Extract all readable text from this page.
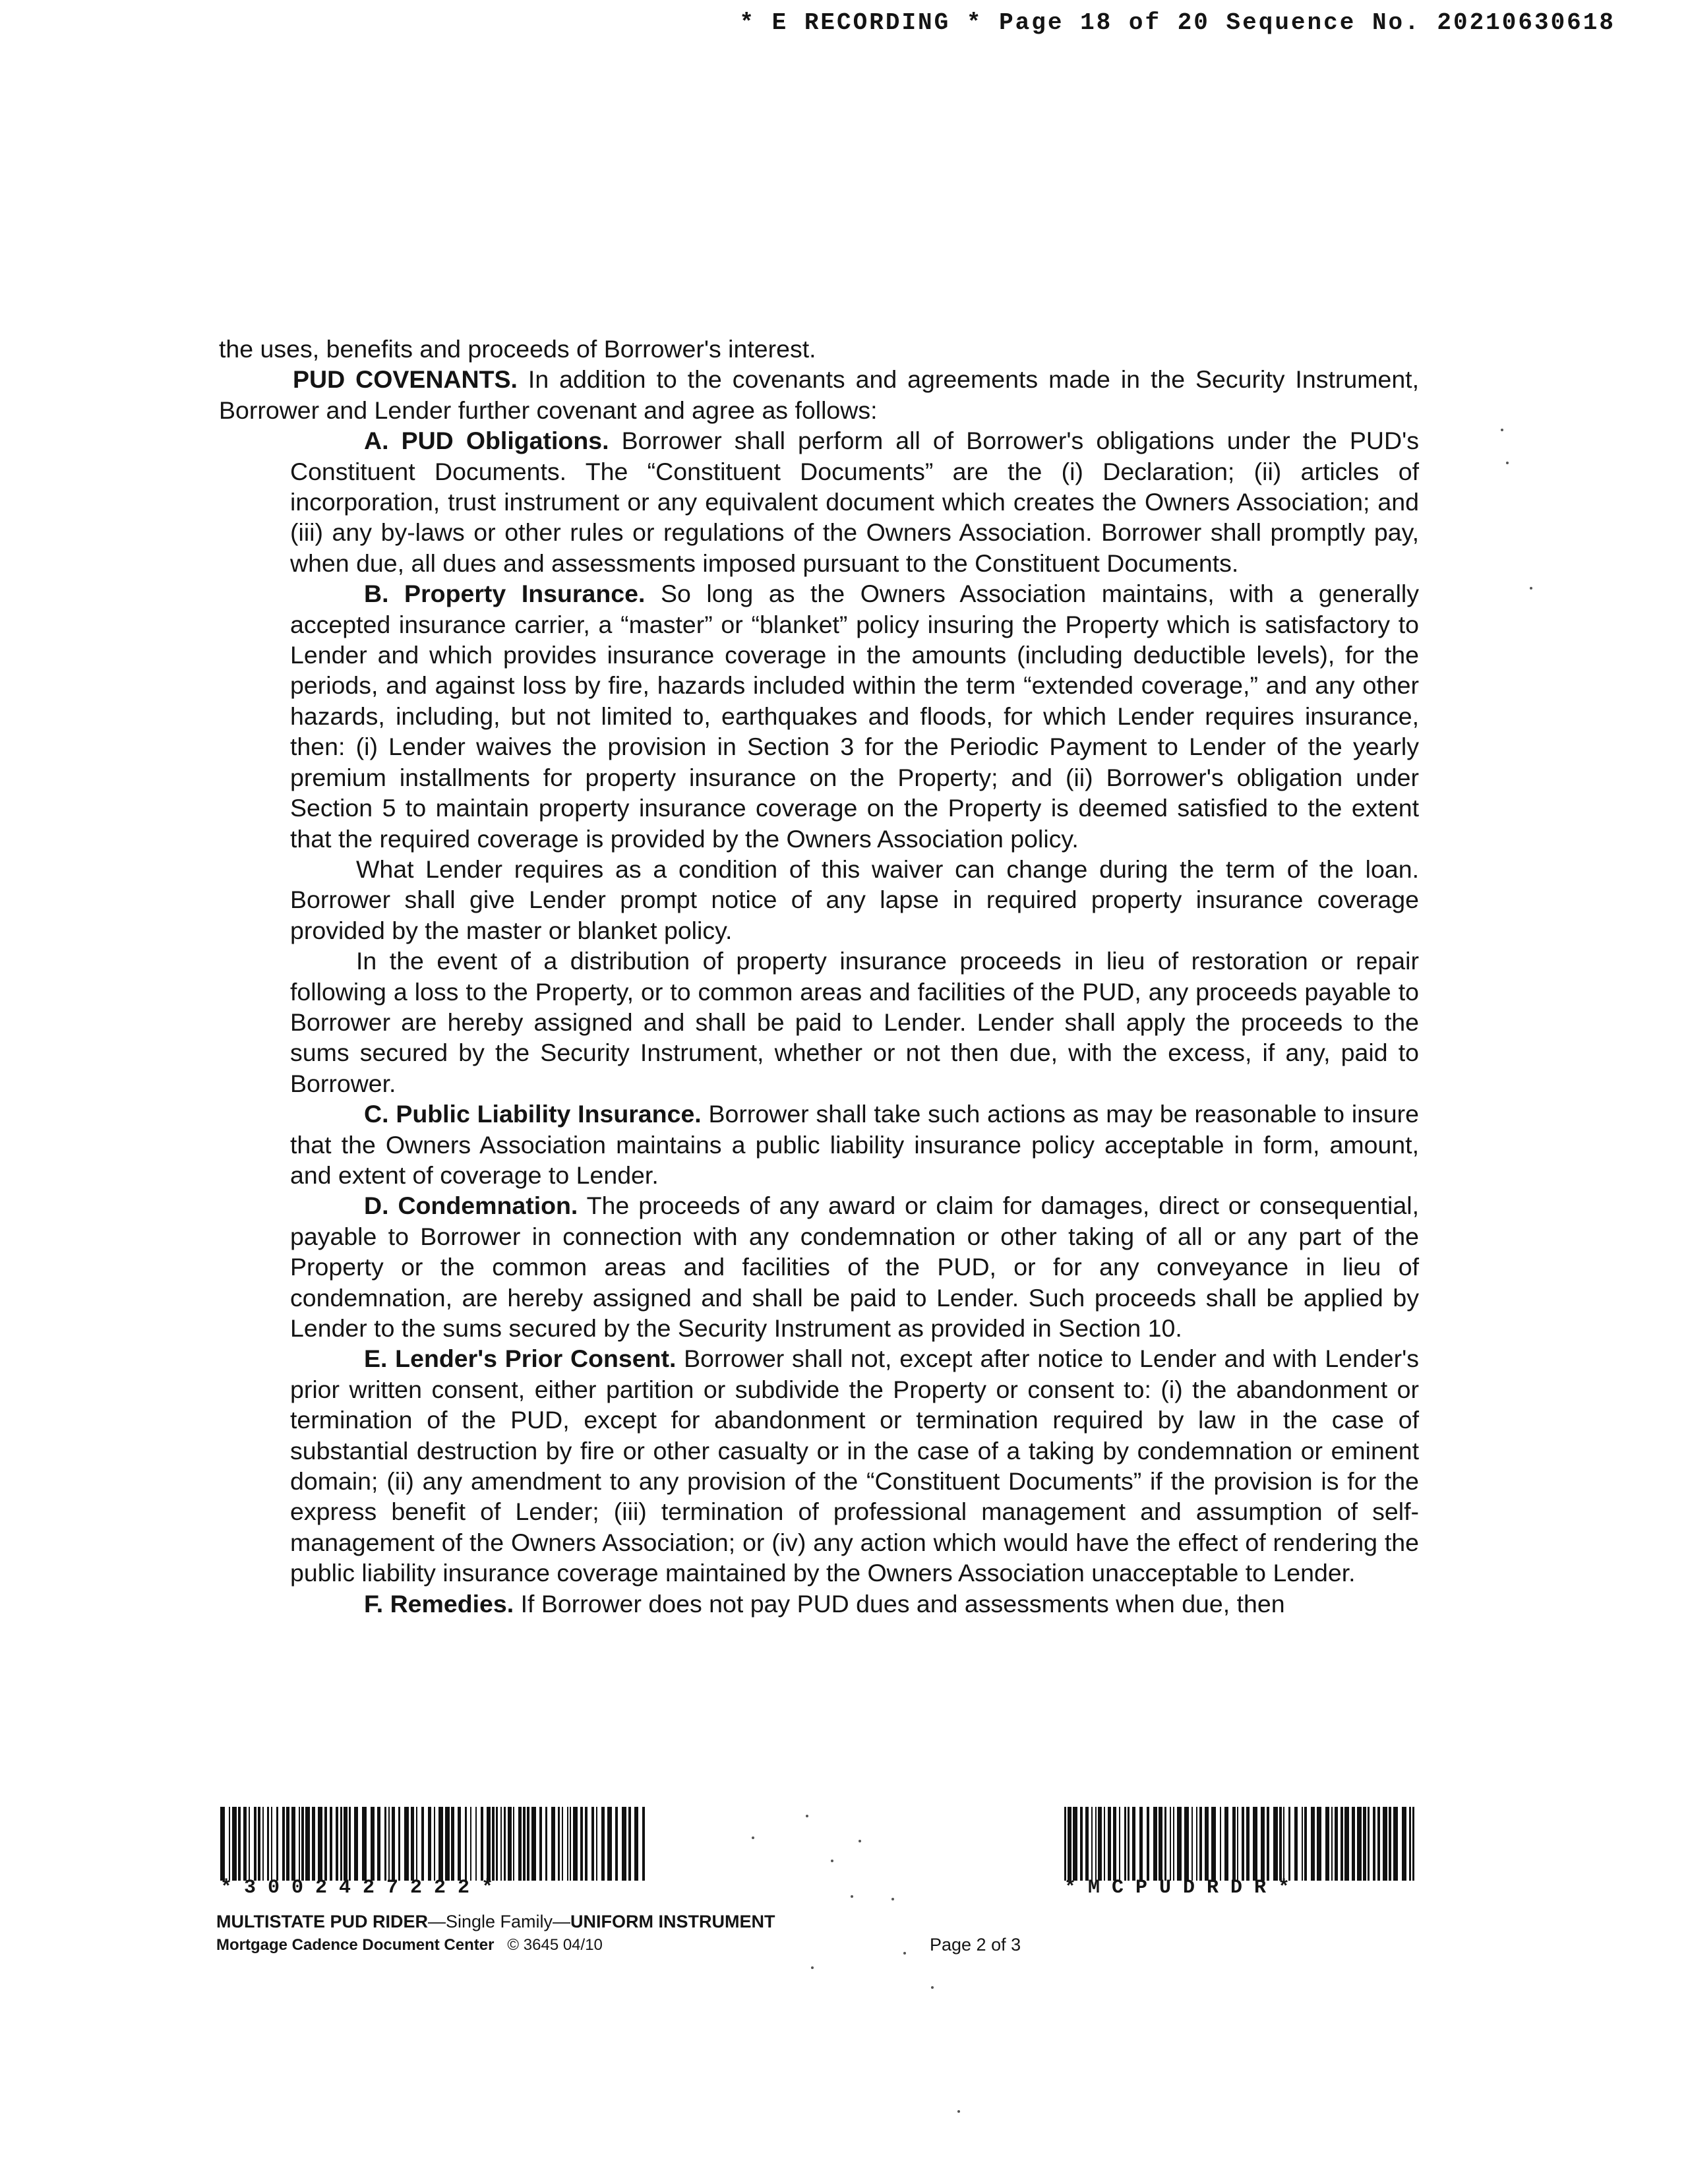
* E RECORDING * Page 18 of 20 Sequence No. 20210630618

the uses, benefits and proceeds of Borrower's interest.

PUD COVENANTS. In addition to the covenants and agreements made in the Security Instrument, Borrower and Lender further covenant and agree as follows:

A. PUD Obligations. Borrower shall perform all of Borrower's obligations under the PUD's Constituent Documents. The “Constituent Documents” are the (i) Declaration; (ii) articles of incorporation, trust instrument or any equivalent document which creates the Owners Association; and (iii) any by-laws or other rules or regulations of the Owners Association. Borrower shall promptly pay, when due, all dues and assessments imposed pursuant to the Constituent Documents.

B. Property Insurance. So long as the Owners Association maintains, with a generally accepted insurance carrier, a “master” or “blanket” policy insuring the Property which is satisfactory to Lender and which provides insurance coverage in the amounts (including deductible levels), for the periods, and against loss by fire, hazards included within the term “extended coverage,” and any other hazards, including, but not limited to, earthquakes and floods, for which Lender requires insurance, then: (i) Lender waives the provision in Section 3 for the Periodic Payment to Lender of the yearly premium installments for property insurance on the Property; and (ii) Borrower's obligation under Section 5 to maintain property insurance coverage on the Property is deemed satisfied to the extent that the required coverage is provided by the Owners Association policy.

What Lender requires as a condition of this waiver can change during the term of the loan. Borrower shall give Lender prompt notice of any lapse in required property insurance coverage provided by the master or blanket policy.

In the event of a distribution of property insurance proceeds in lieu of restoration or repair following a loss to the Property, or to common areas and facilities of the PUD, any proceeds payable to Borrower are hereby assigned and shall be paid to Lender. Lender shall apply the proceeds to the sums secured by the Security Instrument, whether or not then due, with the excess, if any, paid to Borrower.

C. Public Liability Insurance. Borrower shall take such actions as may be reasonable to insure that the Owners Association maintains a public liability insurance policy acceptable in form, amount, and extent of coverage to Lender.

D. Condemnation. The proceeds of any award or claim for damages, direct or consequential, payable to Borrower in connection with any condemnation or other taking of all or any part of the Property or the common areas and facilities of the PUD, or for any conveyance in lieu of condemnation, are hereby assigned and shall be paid to Lender. Such proceeds shall be applied by Lender to the sums secured by the Security Instrument as provided in Section 10.

E. Lender's Prior Consent. Borrower shall not, except after notice to Lender and with Lender's prior written consent, either partition or subdivide the Property or consent to: (i) the abandonment or termination of the PUD, except for abandonment or termination required by law in the case of substantial destruction by fire or other casualty or in the case of a taking by condemnation or eminent domain; (ii) any amendment to any provision of the “Constituent Documents” if the provision is for the express benefit of Lender; (iii) termination of professional management and assumption of self-management of the Owners Association; or (iv) any action which would have the effect of rendering the public liability insurance coverage maintained by the Owners Association unacceptable to Lender.

F. Remedies. If Borrower does not pay PUD dues and assessments when due, then

* 3 0 0 2 4 2 7 2 2 2 *	* M C P U D R D R *
MULTISTATE PUD RIDER—Single Family—UNIFORM INSTRUMENT
Mortgage Cadence Document Center © 3645 04/10	Page 2 of 3
